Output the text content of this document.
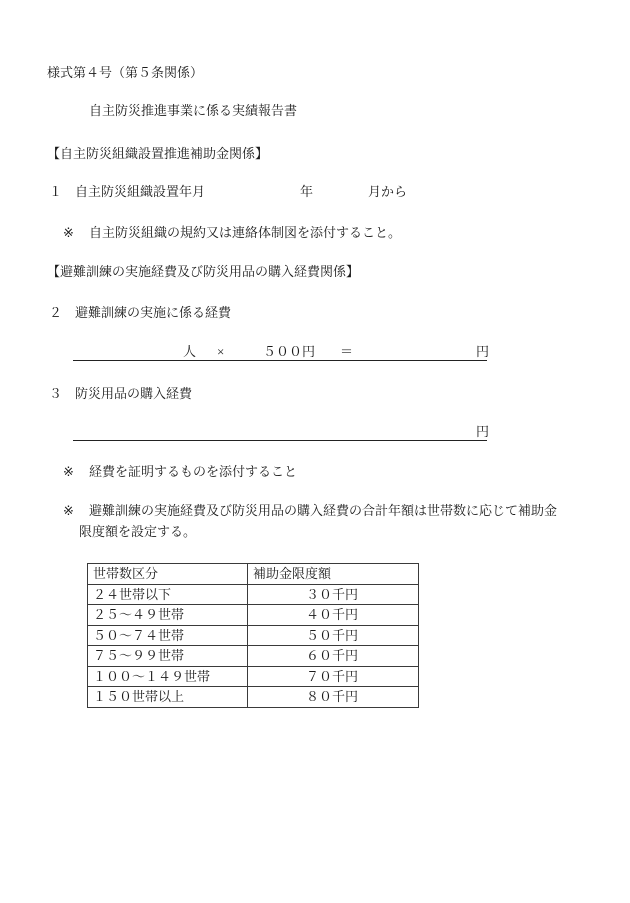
様式第４号（第５条関係）
自主防災推進事業に係る実績報告書
【自主防災組織設置推進補助金関係】
１ 自主防災組織設置年月	年	月から
※ 自主防災組織の規約又は連絡体制図を添付すること。
【避難訓練の実施経費及び防災用品の購入経費関係】
２ 避難訓練の実施に係る経費
人 ×	５００円 ＝	円
３ 防災用品の購入経費
円
※ 経費を証明するものを添付すること
※ 避難訓練の実施経費及び防災用品の購入経費の合計年額は世帯数に応じて補助金
限度額を設定する。
世帯数区分	補助金限度額
２４世帯以下	３０千円
２５～４９世帯	４０千円
５０～７４世帯	５０千円
７５～９９世帯	６０千円
１００～１４９世帯	７０千円
１５０世帯以上	８０千円
